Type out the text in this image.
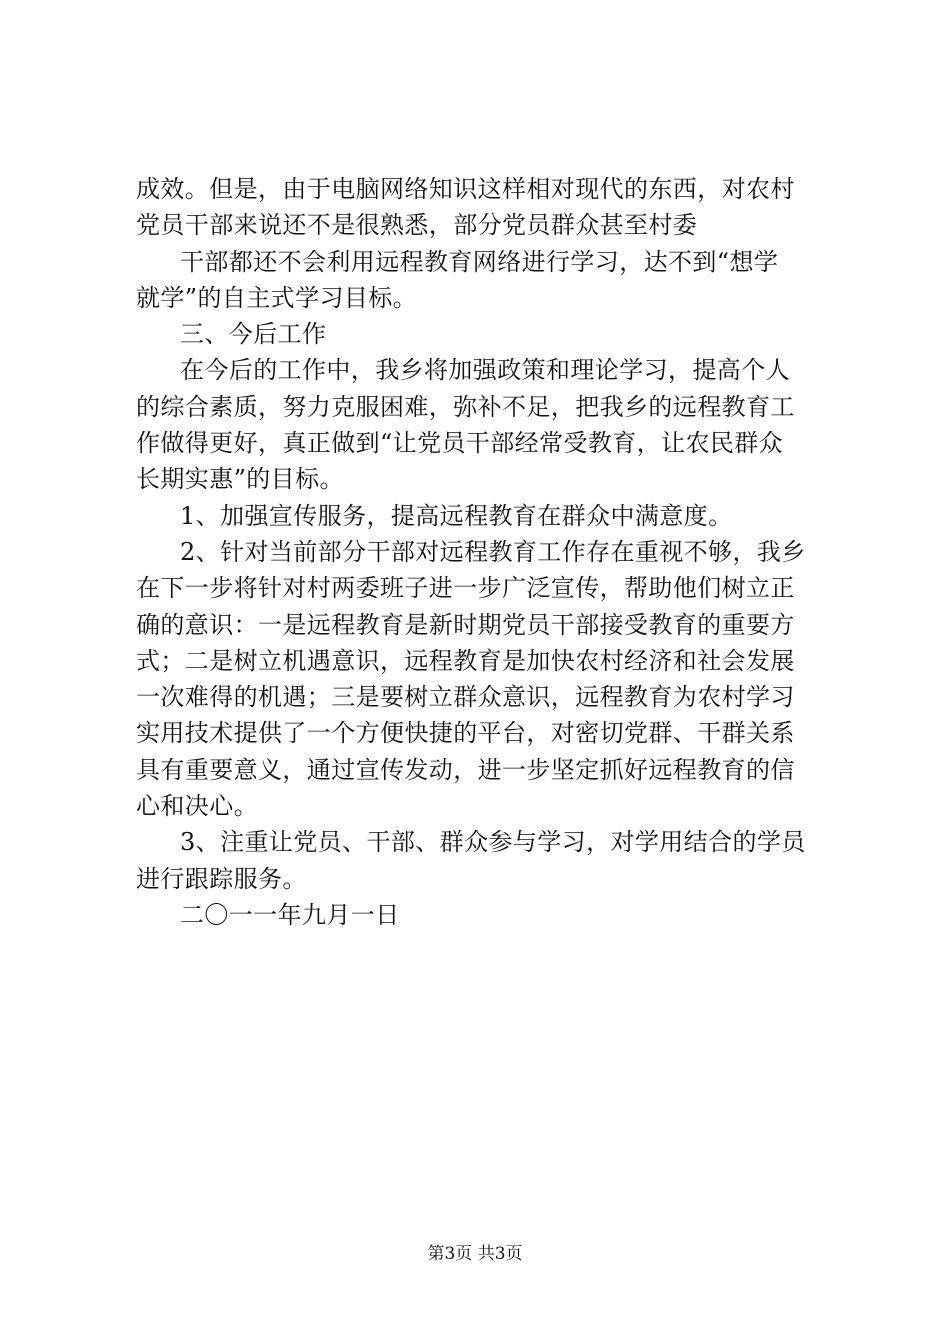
成效。但是，由于电脑网络知识这样相对现代的东西，对农村
党员干部来说还不是很熟悉，部分党员群众甚至村委
干部都还不会利用远程教育网络进行学习，达不到“想学
就学”的自主式学习目标。
三、今后工作
在今后的工作中，我乡将加强政策和理论学习，提高个人
的综合素质，努力克服困难，弥补不足，把我乡的远程教育工
作做得更好，真正做到“让党员干部经常受教育，让农民群众
长期实惠”的目标。
1、加强宣传服务，提高远程教育在群众中满意度。
2、针对当前部分干部对远程教育工作存在重视不够，我乡
在下一步将针对村两委班子进一步广泛宣传，帮助他们树立正
确的意识：一是远程教育是新时期党员干部接受教育的重要方
式；二是树立机遇意识，远程教育是加快农村经济和社会发展
一次难得的机遇；三是要树立群众意识，远程教育为农村学习
实用技术提供了一个方便快捷的平台，对密切党群、干群关系
具有重要意义，通过宣传发动，进一步坚定抓好远程教育的信
心和决心。
3、注重让党员、干部、群众参与学习，对学用结合的学员
进行跟踪服务。
二〇一一年九月一日
第3页 共3页
